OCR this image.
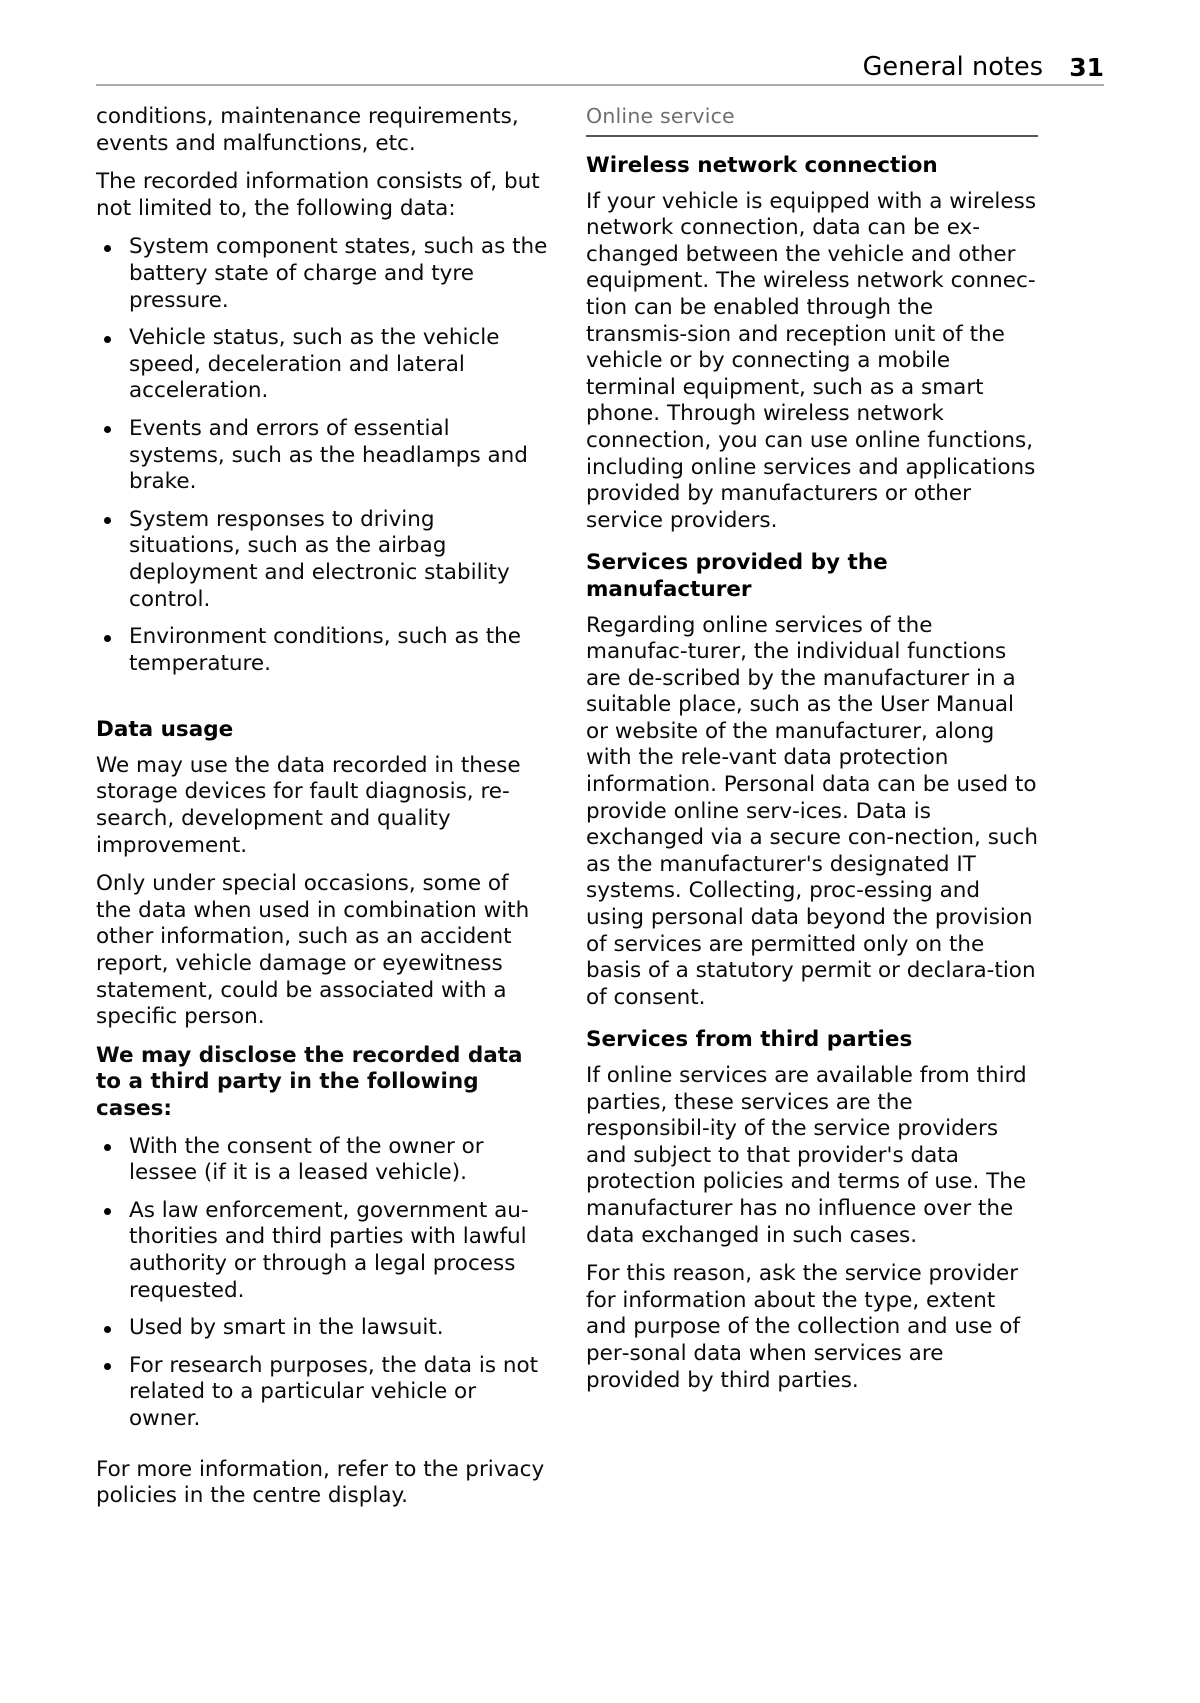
General notes 31

conditions, maintenance requirements, events and malfunctions, etc.

The recorded information consists of, but not limited to, the following data:

System component states, such as the battery state of charge and tyre pressure.
Vehicle status, such as the vehicle speed, deceleration and lateral acceleration.
Events and errors of essential systems, such as the headlamps and brake.
System responses to driving situations, such as the airbag deployment and electronic stability control.
Environment conditions, such as the temperature.
Data usage

We may use the data recorded in these storage devices for fault diagnosis, re‐search, development and quality improvement.

Only under special occasions, some of the data when used in combination with other information, such as an accident report, vehicle damage or eyewitness statement, could be associated with a specific person.

We may disclose the recorded data to a third party in the following cases:

With the consent of the owner or lessee (if it is a leased vehicle).
As law enforcement, government au‐thorities and third parties with lawful authority or through a legal process requested.
Used by smart in the lawsuit.
For research purposes, the data is not related to a particular vehicle or owner.

For more information, refer to the privacy policies in the centre display.

Online service
Wireless network connection

If your vehicle is equipped with a wireless network connection, data can be ex‐changed between the vehicle and other equipment. The wireless network connec‐tion can be enabled through the transmis‐sion and reception unit of the vehicle or by connecting a mobile terminal equipment, such as a smart phone. Through wireless network connection, you can use online functions, including online services and applications provided by manufacturers or other service providers.

Services provided by the manufacturer

Regarding online services of the manufac‐turer, the individual functions are de‐scribed by the manufacturer in a suitable place, such as the User Manual or website of the manufacturer, along with the rele‐vant data protection information. Personal data can be used to provide online serv‐ices. Data is exchanged via a secure con‐nection, such as the manufacturer's designated IT systems. Collecting, proc‐essing and using personal data beyond the provision of services are permitted only on the basis of a statutory permit or declara‐tion of consent.

Services from third parties

If online services are available from third parties, these services are the responsibil‐ity of the service providers and subject to that provider's data protection policies and terms of use. The manufacturer has no influence over the data exchanged in such cases.

For this reason, ask the service provider for information about the type, extent and purpose of the collection and use of per‐sonal data when services are provided by third parties.
